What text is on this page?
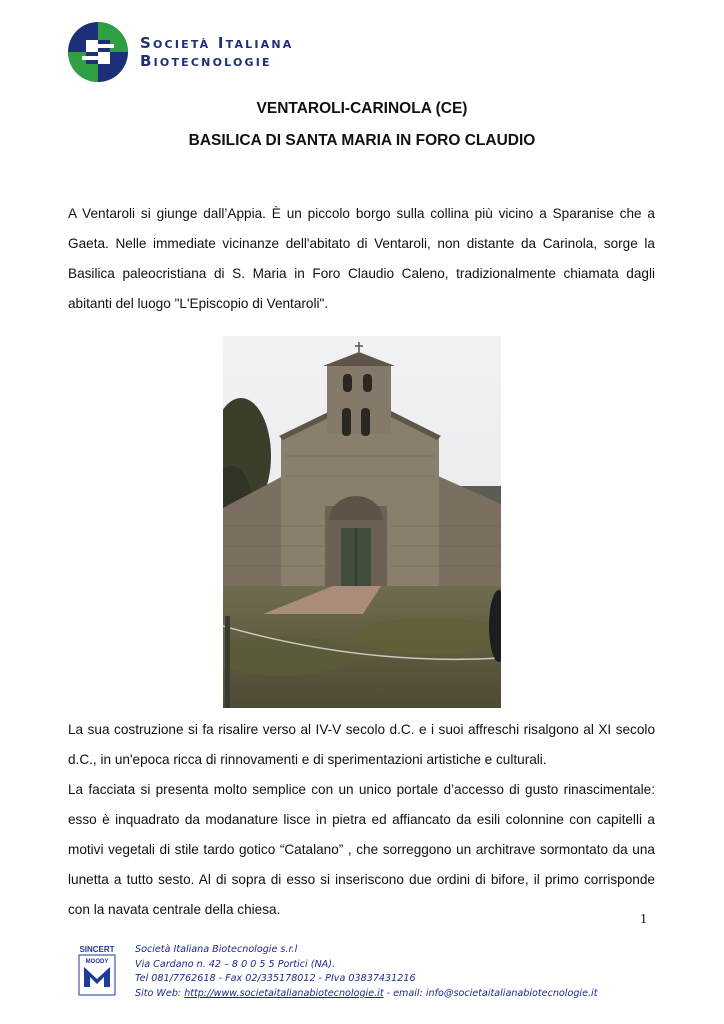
Società Italiana
Biotecnologie
VENTAROLI-CARINOLA (CE)
BASILICA DI SANTA MARIA IN FORO CLAUDIO
A Ventaroli si giunge dall’Appia. È un piccolo borgo sulla collina più vicino a Sparanise che a Gaeta. Nelle immediate vicinanze dell'abitato di Ventaroli, non distante da Carinola, sorge la Basilica paleocristiana di S. Maria in Foro Claudio Caleno, tradizionalmente chiamata dagli abitanti del luogo "L'Episcopio di Ventaroli".
La sua costruzione si fa risalire verso al IV-V secolo d.C. e i suoi affreschi risalgono al XI secolo d.C., in un'epoca ricca di rinnovamenti e di sperimentazioni artistiche e culturali.
La facciata si presenta molto semplice con un unico portale d’accesso di gusto rinascimentale: esso è inquadrato da modanature lisce in pietra ed affiancato da esili colonnine con capitelli a motivi vegetali di stile tardo gotico “Catalano” , che sorreggono un architrave sormontato da una lunetta a tutto sesto. Al di sopra di esso si inseriscono due ordini di bifore, il primo corrisponde con la navata centrale della chiesa.
1
SINCERT
MOODY
Società Italiana Biotecnologie s.r.l
Via Cardano n. 42 – 8 0 0 5 5 Portici (NA).
Tel 081/7762618 - Fax 02/335178012 - PIva 03837431216
Sito Web: http://www.societaitalianabiotecnologie.it - email: info@societaitalianabiotecnologie.it
